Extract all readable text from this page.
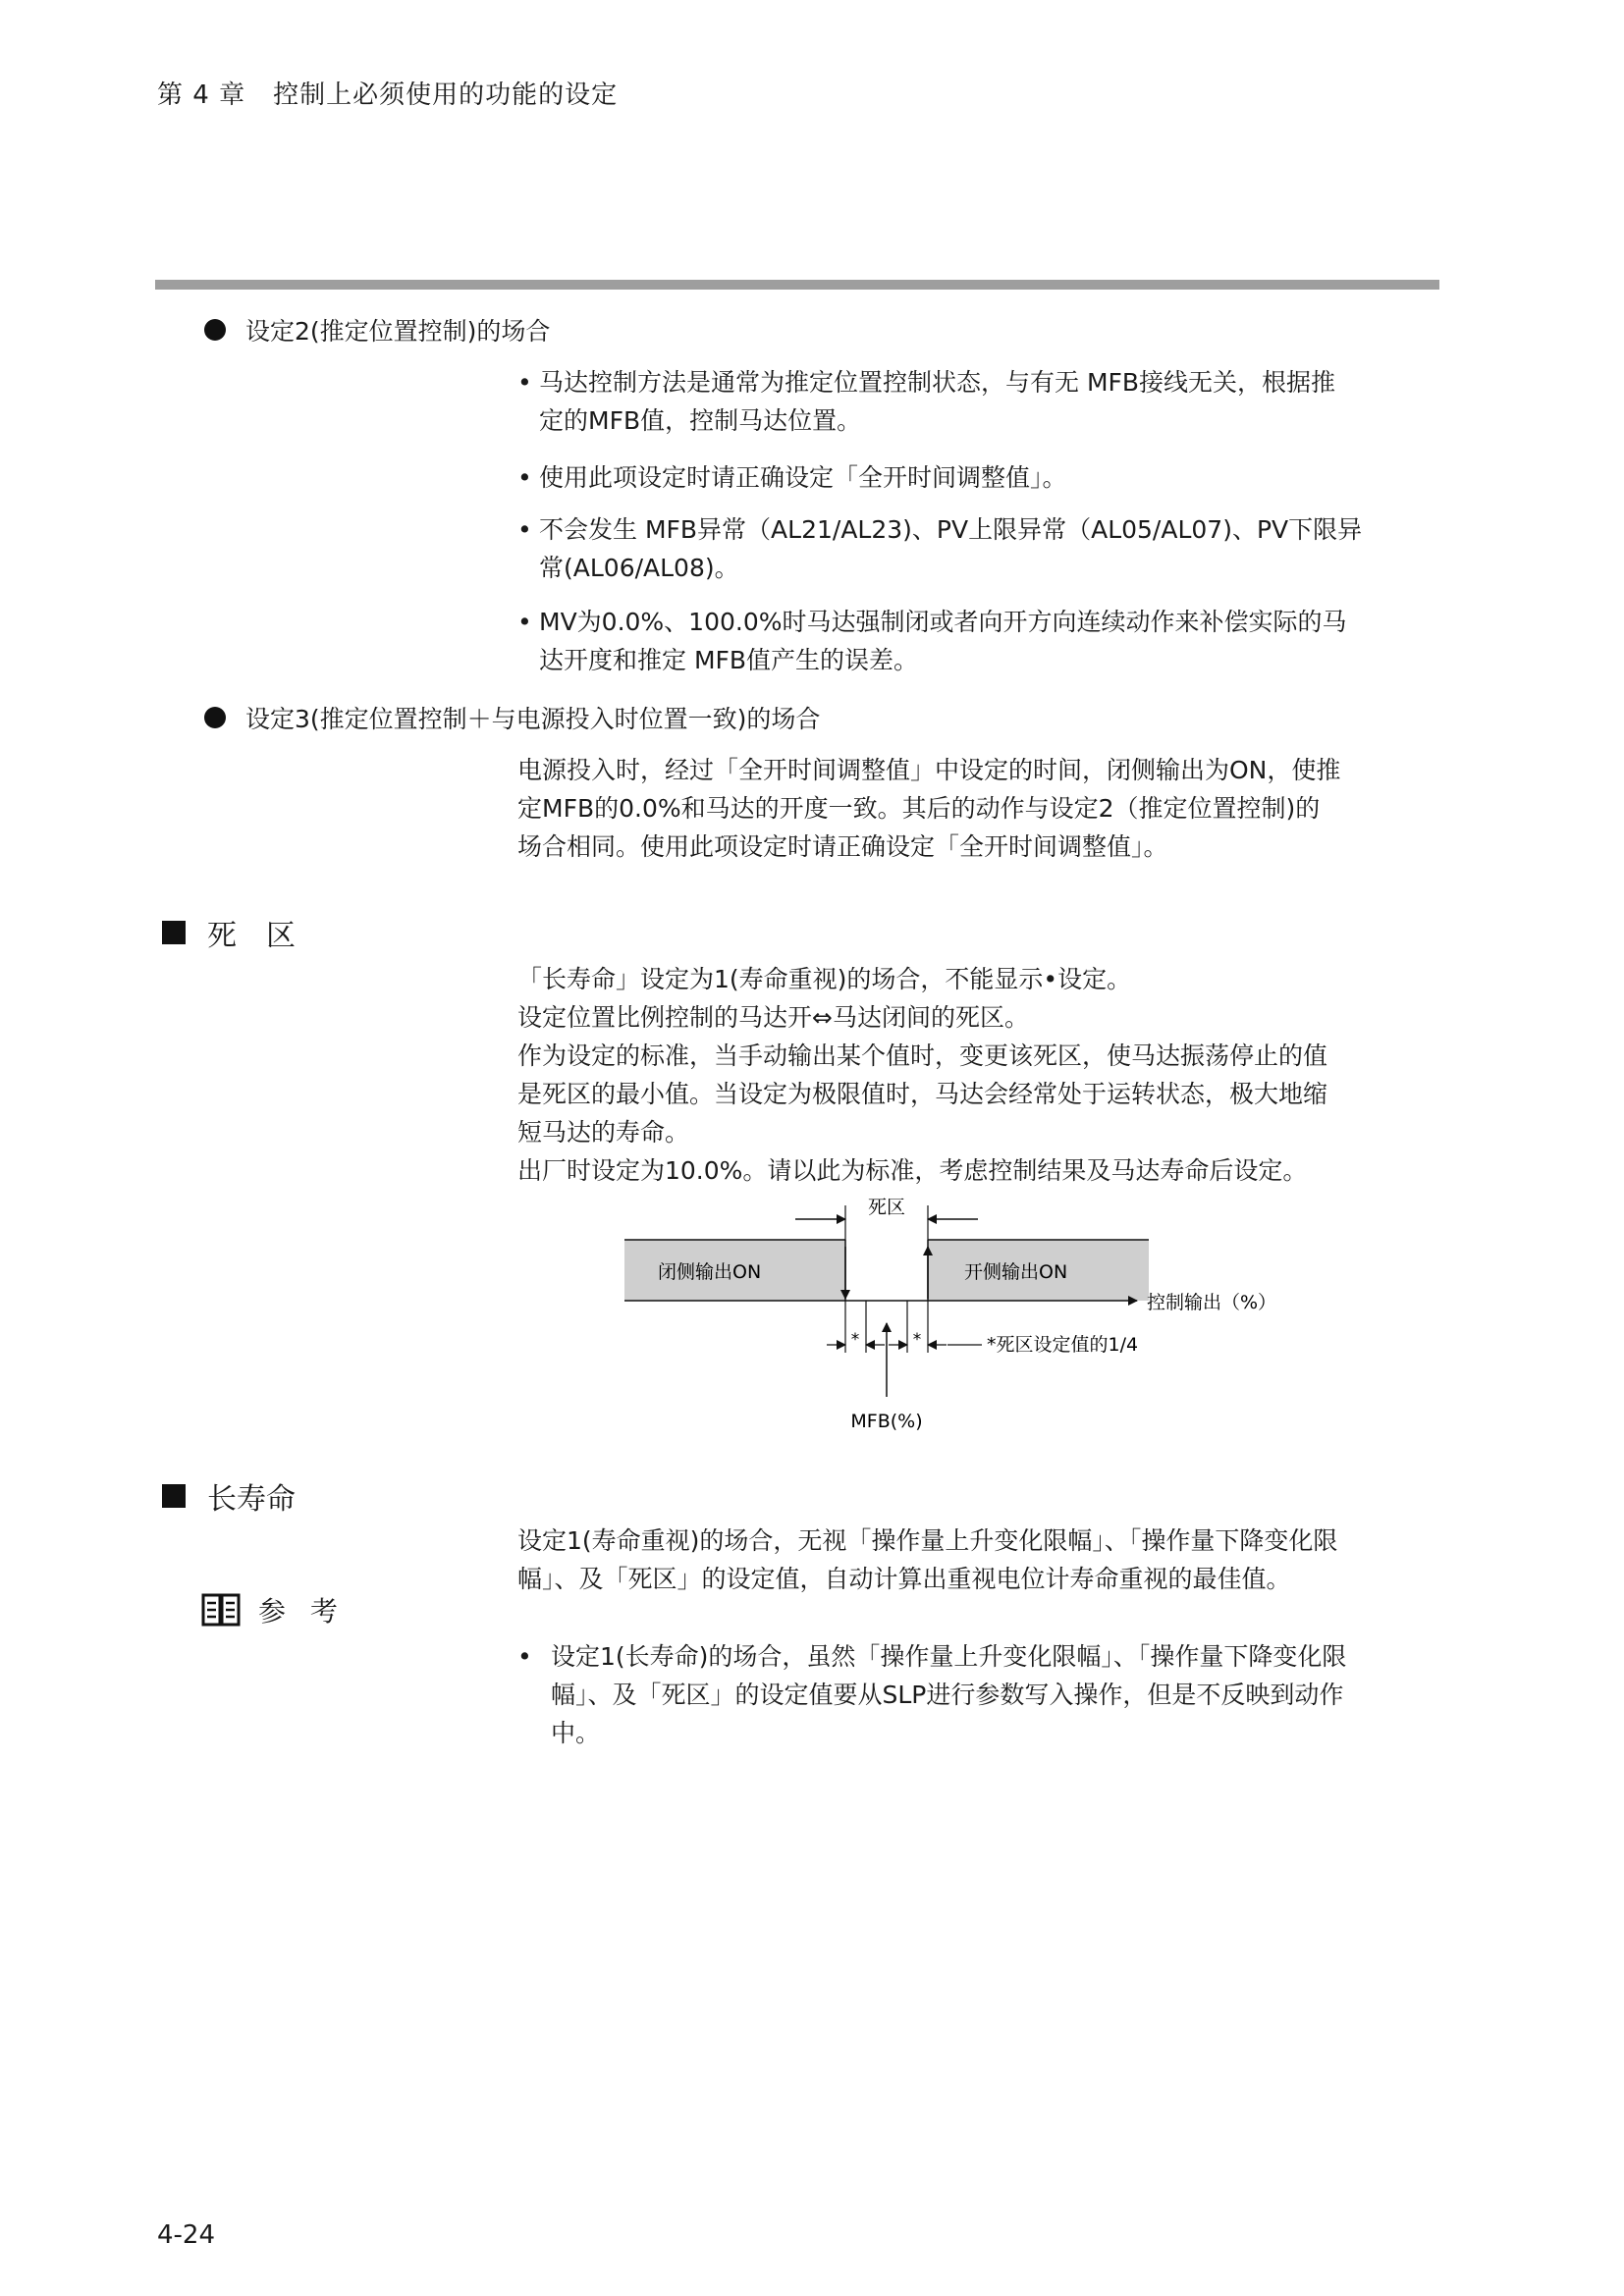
第 4 章 控制上必须使用的功能的设定
设定2(推定位置控制)的场合
• 马达控制方法是通常为推定位置控制状态，与有无 MFB接线无关，根据推
定的MFB值，控制马达位置。
• 使用此项设定时请正确设定「全开时间调整值」。
• 不会发生 MFB异常（AL21/AL23)、PV上限异常（AL05/AL07)、PV下限异
常(AL06/AL08)。
• MV为0.0%、100.0%时马达强制闭或者向开方向连续动作来补偿实际的马
达开度和推定 MFB值产生的误差。
设定3(推定位置控制＋与电源投入时位置一致)的场合
电源投入时，经过「全开时间调整值」中设定的时间，闭侧输出为ON，使推
定MFB的0.0%和马达的开度一致。其后的动作与设定2（推定位置控制)的
场合相同。使用此项设定时请正确设定「全开时间调整值」。
死　区
「长寿命」设定为1(寿命重视)的场合，不能显示•设定。
设定位置比例控制的马达开⇔马达闭间的死区。
作为设定的标准，当手动输出某个值时，变更该死区，使马达振荡停止的值
是死区的最小值。当设定为极限值时，马达会经常处于运转状态，极大地缩
短马达的寿命。
出厂时设定为10.0%。请以此为标准，考虑控制结果及马达寿命后设定。
死区
闭侧输出ON	开侧输出ON
控制输出（%）
*	*	*死区设定值的1/4
MFB(%)
长寿命
设定1(寿命重视)的场合，无视「操作量上升变化限幅」、「操作量下降变化限
幅」、及「死区」的设定值，自动计算出重视电位计寿命重视的最佳值。
参 考
• 设定1(长寿命)的场合，虽然「操作量上升变化限幅」、「操作量下降变化限
幅」、及「死区」的设定值要从SLP进行参数写入操作，但是不反映到动作
中。
4-24
